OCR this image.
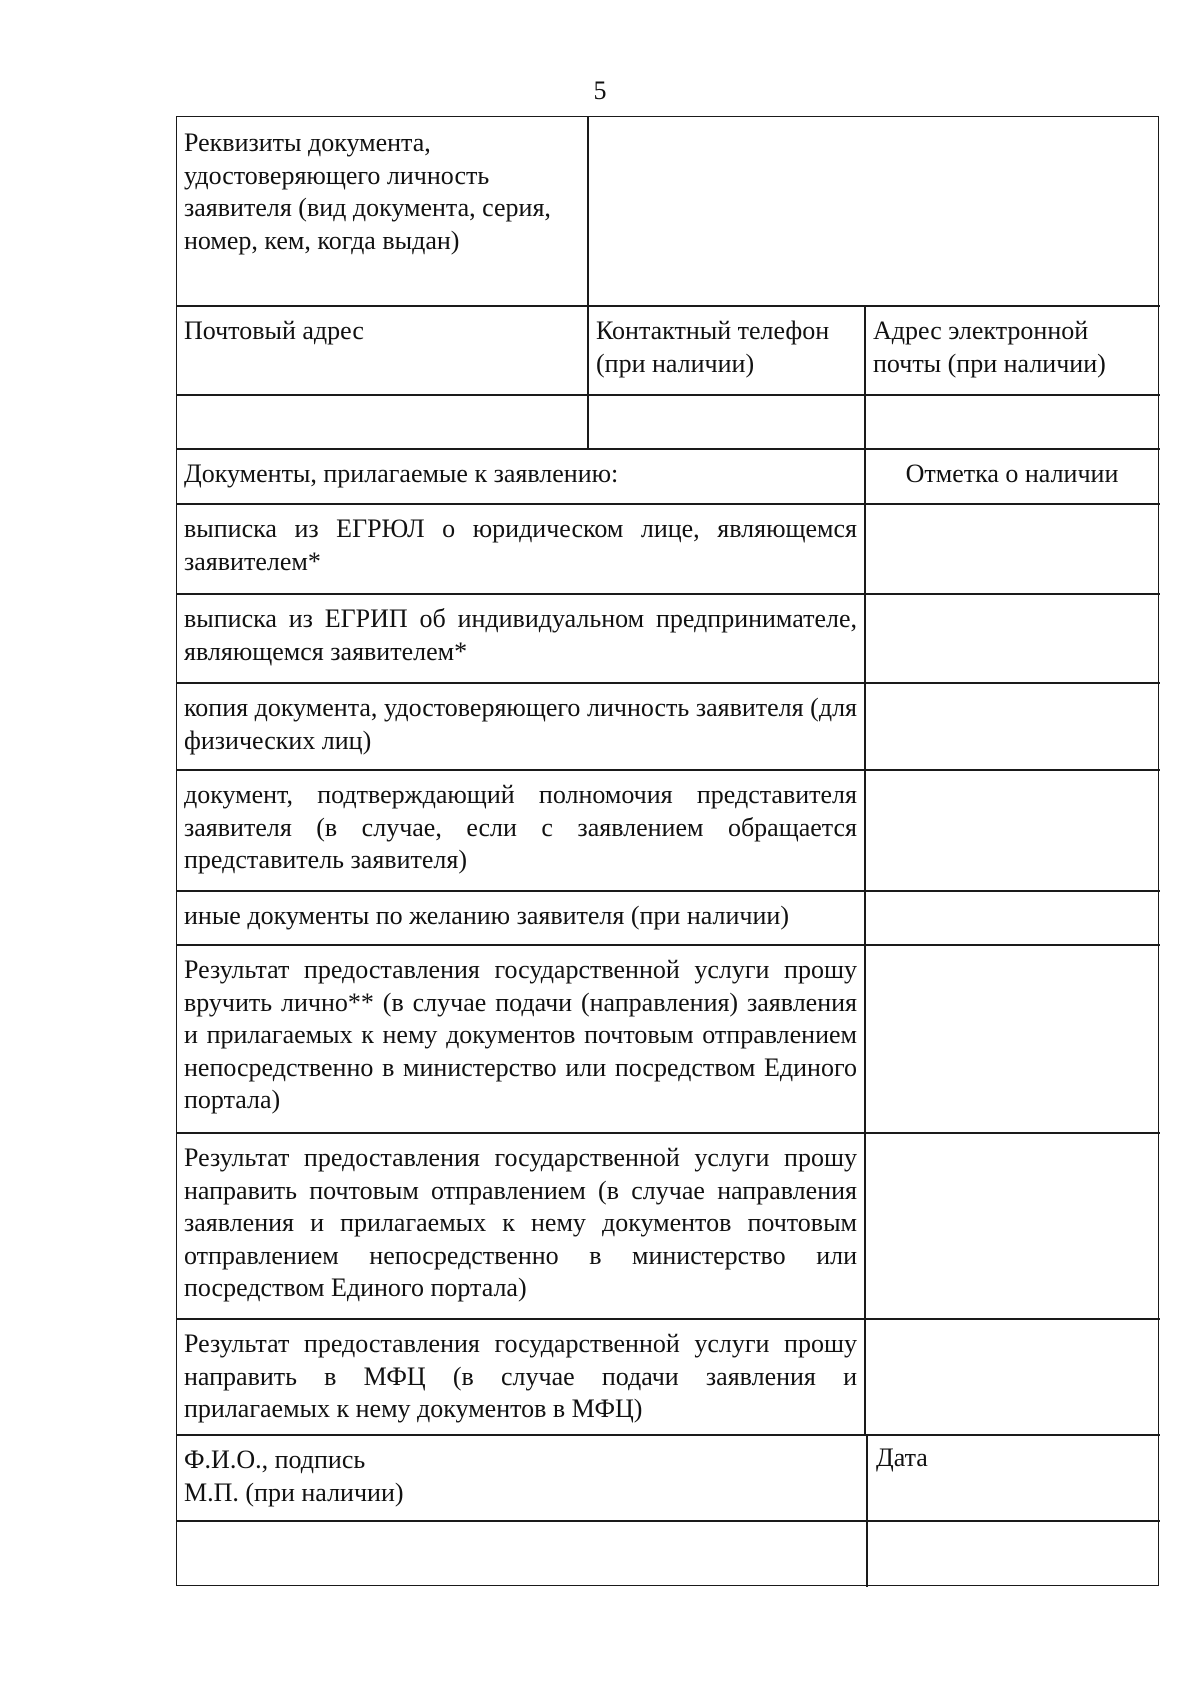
5
Реквизиты документа, удостоверяющего личность заявителя (вид документа, серия, номер, кем, когда выдан)
Почтовый адрес	Контактный телефон (при наличии)
Адрес электронной почты (при наличии)
Документы, прилагаемые к заявлению:	Отметка о наличии
выписка из ЕГРЮЛ о юридическом лице, являющемся заявителем*
выписка из ЕГРИП об индивидуальном предпринимателе, являющемся заявителем*
копия документа, удостоверяющего личность заявителя (для физических лиц)
документ, подтверждающий полномочия представителя заявителя (в случае, если с заявлением обращается представитель заявителя)
иные документы по желанию заявителя (при наличии)
Результат предоставления государственной услуги прошу вручить лично** (в случае подачи (направления) заявления и прилагаемых к нему документов почтовым отправлением непосредственно в министерство или посредством Единого портала)
Результат предоставления государственной услуги прошу направить почтовым отправлением (в случае направления заявления и прилагаемых к нему документов почтовым отправлением непосредственно в министерство или посредством Единого портала)
Результат предоставления государственной услуги прошу направить в МФЦ (в случае подачи заявления и прилагаемых к нему документов в МФЦ)
Ф.И.О., подпись
М.П. (при наличии)
Дата
